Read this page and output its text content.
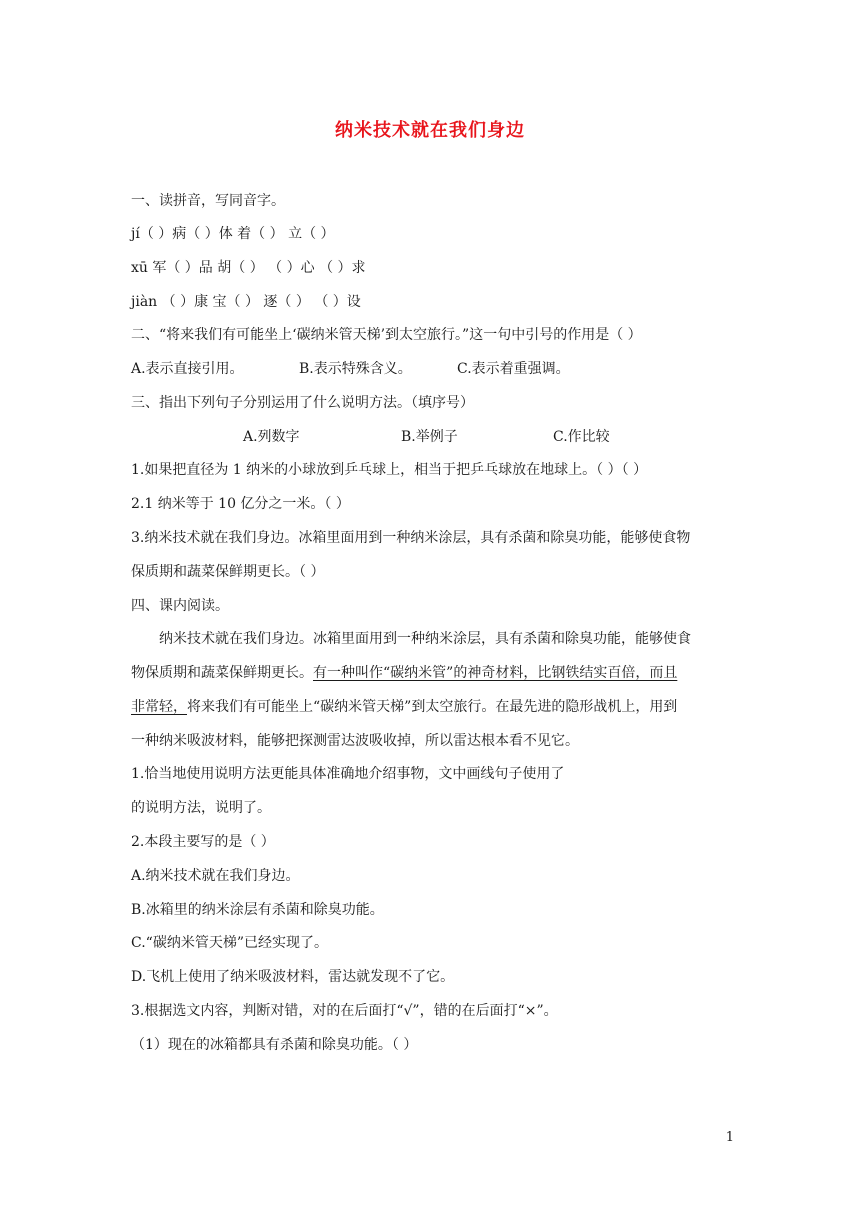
纳米技术就在我们身边
一、读拼音，写同音字。
jí（ ）病（ ）体 着（ ） 立（ ）
xū 军（ ）品 胡（ ） （ ）心 （ ）求
jiàn （ ）康 宝（ ） 逐（ ） （ ）设
二、“将来我们有可能坐上‘碳纳米管天梯’到太空旅行。”这一句中引号的作用是（ ）
A.表示直接引用。	B.表示特殊含义。	C.表示着重强调。
三、指出下列句子分别运用了什么说明方法。（填序号）
A.列数字	B.举例子	C.作比较
1.如果把直径为 1 纳米的小球放到乒乓球上，相当于把乒乓球放在地球上。（ ）（ ）
2.1 纳米等于 10 亿分之一米。（ ）
3.纳米技术就在我们身边。冰箱里面用到一种纳米涂层，具有杀菌和除臭功能，能够使食物
保质期和蔬菜保鲜期更长。（ ）
四、课内阅读。
纳米技术就在我们身边。冰箱里面用到一种纳米涂层，具有杀菌和除臭功能，能够使食
物保质期和蔬菜保鲜期更长。有一种叫作“碳纳米管”的神奇材料，比钢铁结实百倍，而且
非常轻，将来我们有可能坐上“碳纳米管天梯”到太空旅行。在最先进的隐形战机上，用到
一种纳米吸波材料，能够把探测雷达波吸收掉，所以雷达根本看不见它。
1.恰当地使用说明方法更能具体准确地介绍事物，文中画线句子使用了
的说明方法，说明了。
2.本段主要写的是（ ）
A.纳米技术就在我们身边。
B.冰箱里的纳米涂层有杀菌和除臭功能。
C.“碳纳米管天梯”已经实现了。
D.飞机上使用了纳米吸波材料，雷达就发现不了它。
3.根据选文内容，判断对错，对的在后面打“√”，错的在后面打“×”。
（1）现在的冰箱都具有杀菌和除臭功能。（ ）
1
